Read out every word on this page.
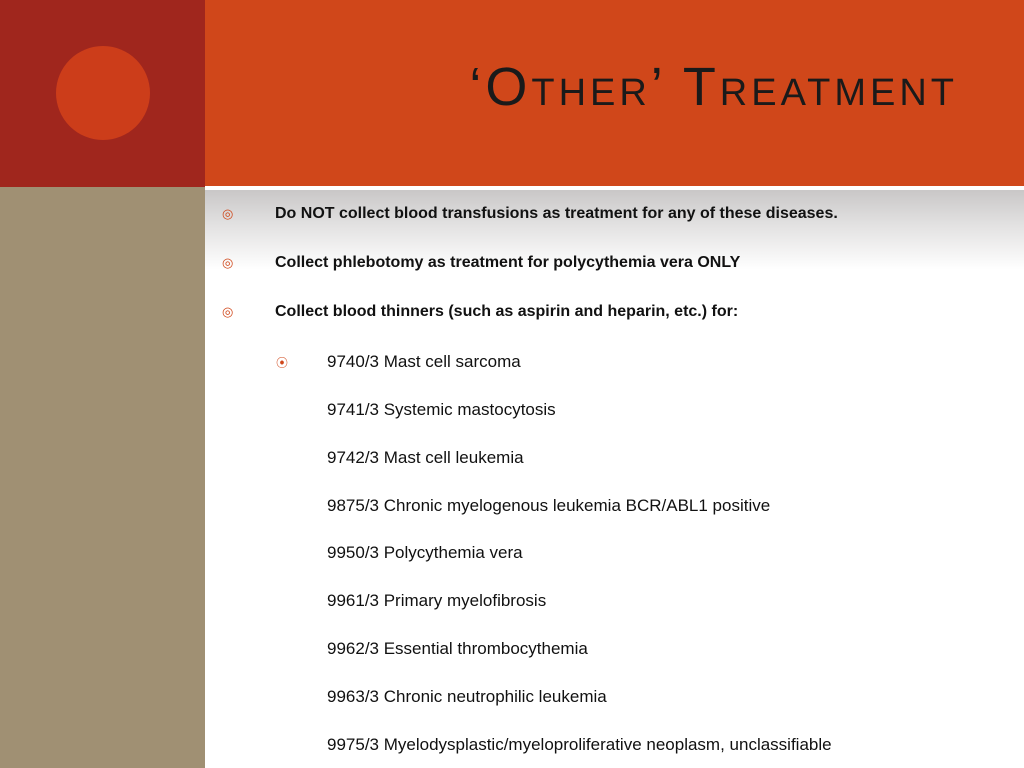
‘Other’ Treatment
◎	Do NOT collect blood transfusions as treatment for any of these diseases.
◎	Collect phlebotomy as treatment for polycythemia vera ONLY
◎	Collect blood thinners (such as aspirin and heparin, etc.) for:
⦿	9740/3 Mast cell sarcoma
9741/3 Systemic mastocytosis
9742/3 Mast cell leukemia
9875/3 Chronic myelogenous leukemia BCR/ABL1 positive
9950/3 Polycythemia vera
9961/3 Primary myelofibrosis
9962/3 Essential thrombocythemia
9963/3 Chronic neutrophilic leukemia
9975/3 Myelodysplastic/myeloproliferative neoplasm, unclassifiable
